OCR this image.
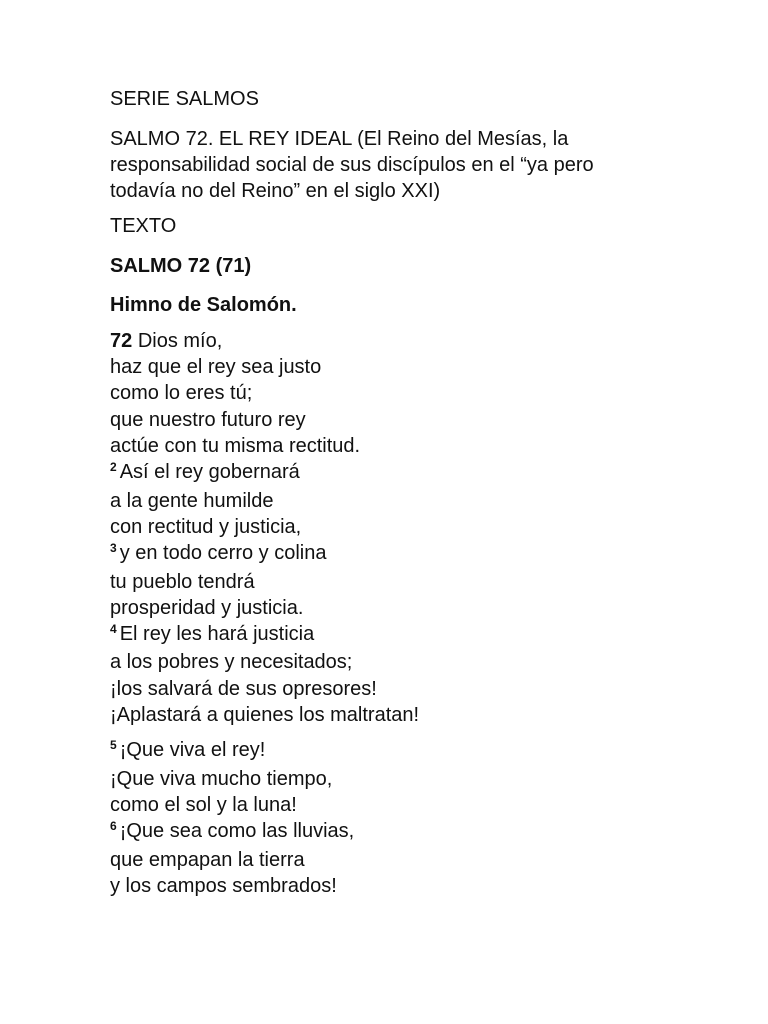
SERIE SALMOS

SALMO 72. EL REY IDEAL (El Reino del Mesías, la
responsabilidad social de sus discípulos en el “ya pero
todavía no del Reino” en el siglo XXI)

TEXTO

SALMO 72 (71)

Himno de Salomón.

72 Dios mío,
haz que el rey sea justo
como lo eres tú;
que nuestro futuro rey
actúe con tu misma rectitud.
$^2$ Así el rey gobernará
a la gente humilde
con rectitud y justicia,
$^3$ y en todo cerro y colina
tu pueblo tendrá
prosperidad y justicia.
$^4$ El rey les hará justicia
a los pobres y necesitados;
¡los salvará de sus opresores!
¡Aplastará a quienes los maltratan!
$^5$ ¡Que viva el rey!
¡Que viva mucho tiempo,
como el sol y la luna!
$^6$ ¡Que sea como las lluvias,
que empapan la tierra
y los campos sembrados!
